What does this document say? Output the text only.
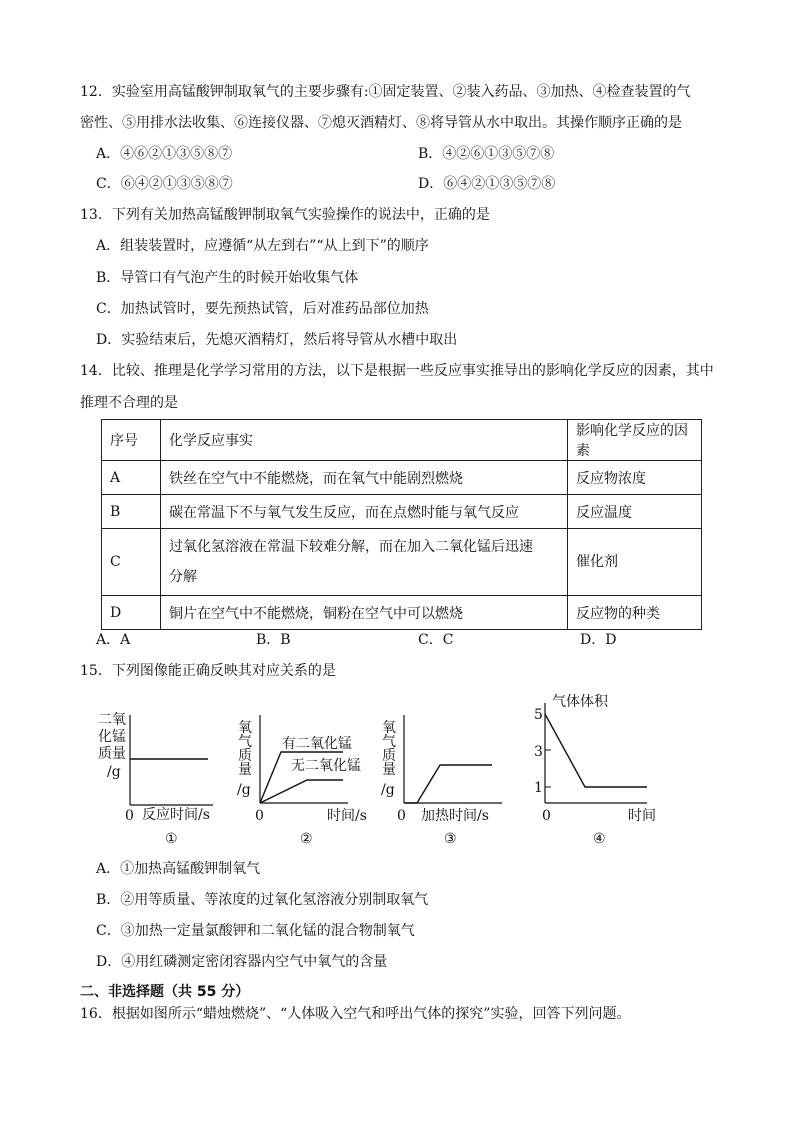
12．实验室用高锰酸钾制取氧气的主要步骤有:①固定装置、②装入药品、③加热、④检查装置的气
密性、⑤用排水法收集、⑥连接仪器、⑦熄灭酒精灯、⑧将导管从水中取出。其操作顺序正确的是
A．④⑥②①③⑤⑧⑦	B．④②⑥①③⑤⑦⑧
C．⑥④②①③⑤⑧⑦	D．⑥④②①③⑤⑦⑧
13．下列有关加热高锰酸钾制取氧气实验操作的说法中，正确的是
A．组装装置时，应遵循“从左到右”“从上到下”的顺序
B．导管口有气泡产生的时候开始收集气体
C．加热试管时，要先预热试管，后对准药品部位加热
D．实验结束后，先熄灭酒精灯，然后将导管从水槽中取出
14．比较、推理是化学学习常用的方法，以下是根据一些反应事实推导出的影响化学反应的因素，其中
推理不合理的是
序号	化学反应事实	影响化学反应的因素
A	铁丝在空气中不能燃烧，而在氧气中能剧烈燃烧	反应物浓度
B	碳在常温下不与氧气发生反应，而在点燃时能与氧气反应	反应温度
C	过氧化氢溶液在常温下较难分解，而在加入二氧化锰后迅速
分解	催化剂
D	铜片在空气中不能燃烧，铜粉在空气中可以燃烧	反应物的种类
A．A	B．B	C．C	D．D
15．下列图像能正确反映其对应关系的是
二氧
化锰
质量
/g
0 反应时间/s
①
氧
气
质
量
/g
有二氧化锰
无二氧化锰
0	时间/s
②
氧
气
质
量
/g
0 加热时间/s
③
气体体积
5
3
1
0	时间
④
A．①加热高锰酸钾制氧气
B．②用等质量、等浓度的过氧化氢溶液分别制取氧气
C．③加热一定量氯酸钾和二氧化锰的混合物制氧气
D．④用红磷测定密闭容器内空气中氧气的含量
二、非选择题（共 55 分）
16．根据如图所示“蜡烛燃烧”、“人体吸入空气和呼出气体的探究”实验，回答下列问题。
